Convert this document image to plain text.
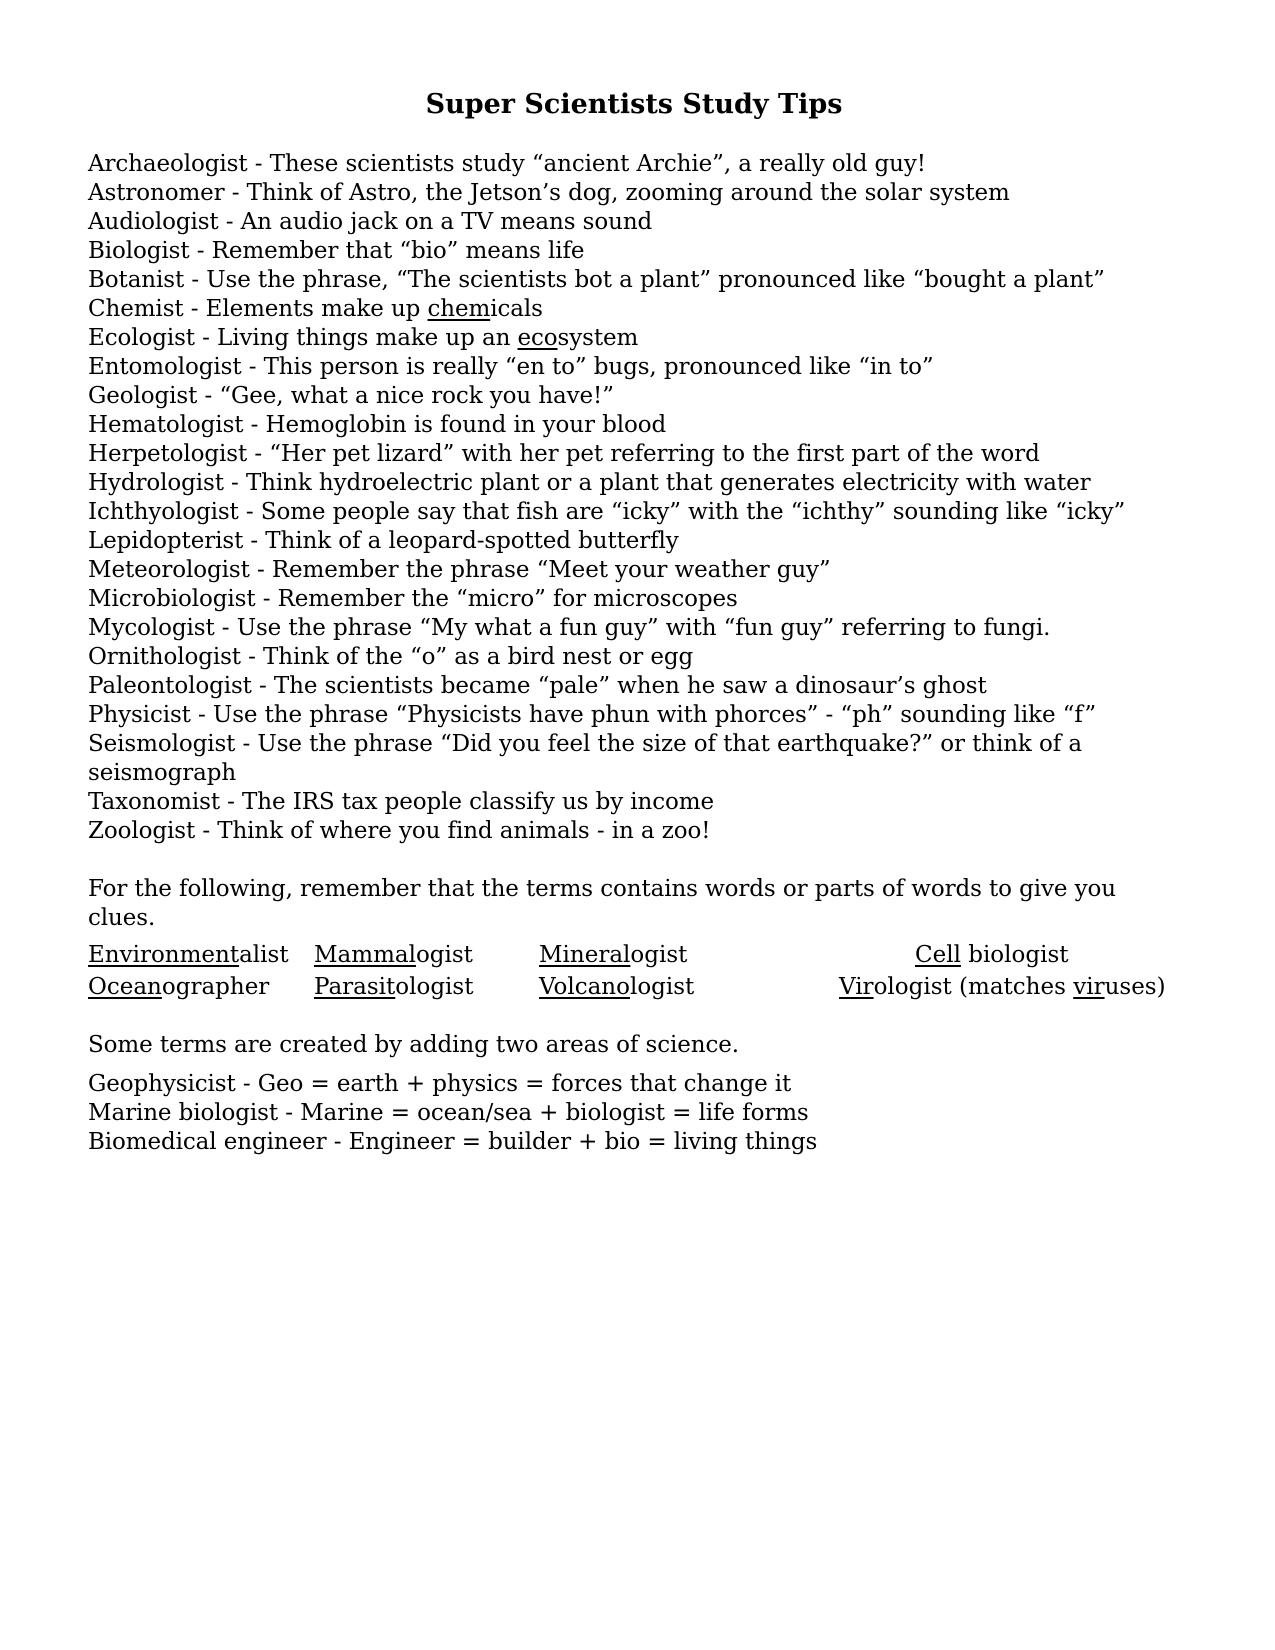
Super Scientists Study Tips
Archaeologist - These scientists study “ancient Archie”, a really old guy!
Astronomer - Think of Astro, the Jetson’s dog, zooming around the solar system
Audiologist - An audio jack on a TV means sound
Biologist - Remember that “bio” means life
Botanist - Use the phrase, “The scientists bot a plant” pronounced like “bought a plant”
Chemist - Elements make up chemicals
Ecologist - Living things make up an ecosystem
Entomologist - This person is really “en to” bugs, pronounced like “in to”
Geologist - “Gee, what a nice rock you have!”
Hematologist - Hemoglobin is found in your blood
Herpetologist - “Her pet lizard” with her pet referring to the first part of the word
Hydrologist - Think hydroelectric plant or a plant that generates electricity with water
Ichthyologist - Some people say that fish are “icky” with the “ichthy” sounding like “icky”
Lepidopterist - Think of a leopard-spotted butterfly
Meteorologist - Remember the phrase “Meet your weather guy”
Microbiologist - Remember the “micro” for microscopes
Mycologist - Use the phrase “My what a fun guy” with “fun guy” referring to fungi.
Ornithologist - Think of the “o” as a bird nest or egg
Paleontologist - The scientists became “pale” when he saw a dinosaur’s ghost
Physicist - Use the phrase “Physicists have phun with phorces” - “ph” sounding like “f”
Seismologist - Use the phrase “Did you feel the size of that earthquake?” or think of a seismograph
Taxonomist - The IRS tax people classify us by income
Zoologist - Think of where you find animals - in a zoo!
For the following, remember that the terms contains words or parts of words to give you clues.
Environmentalist	Mammalogist	Mineralogist	Cell biologist
Oceanographer	Parasitologist	Volcanologist	Virologist (matches viruses)
Some terms are created by adding two areas of science.
Geophysicist - Geo = earth + physics = forces that change it
Marine biologist - Marine = ocean/sea + biologist = life forms
Biomedical engineer - Engineer = builder + bio = living things
